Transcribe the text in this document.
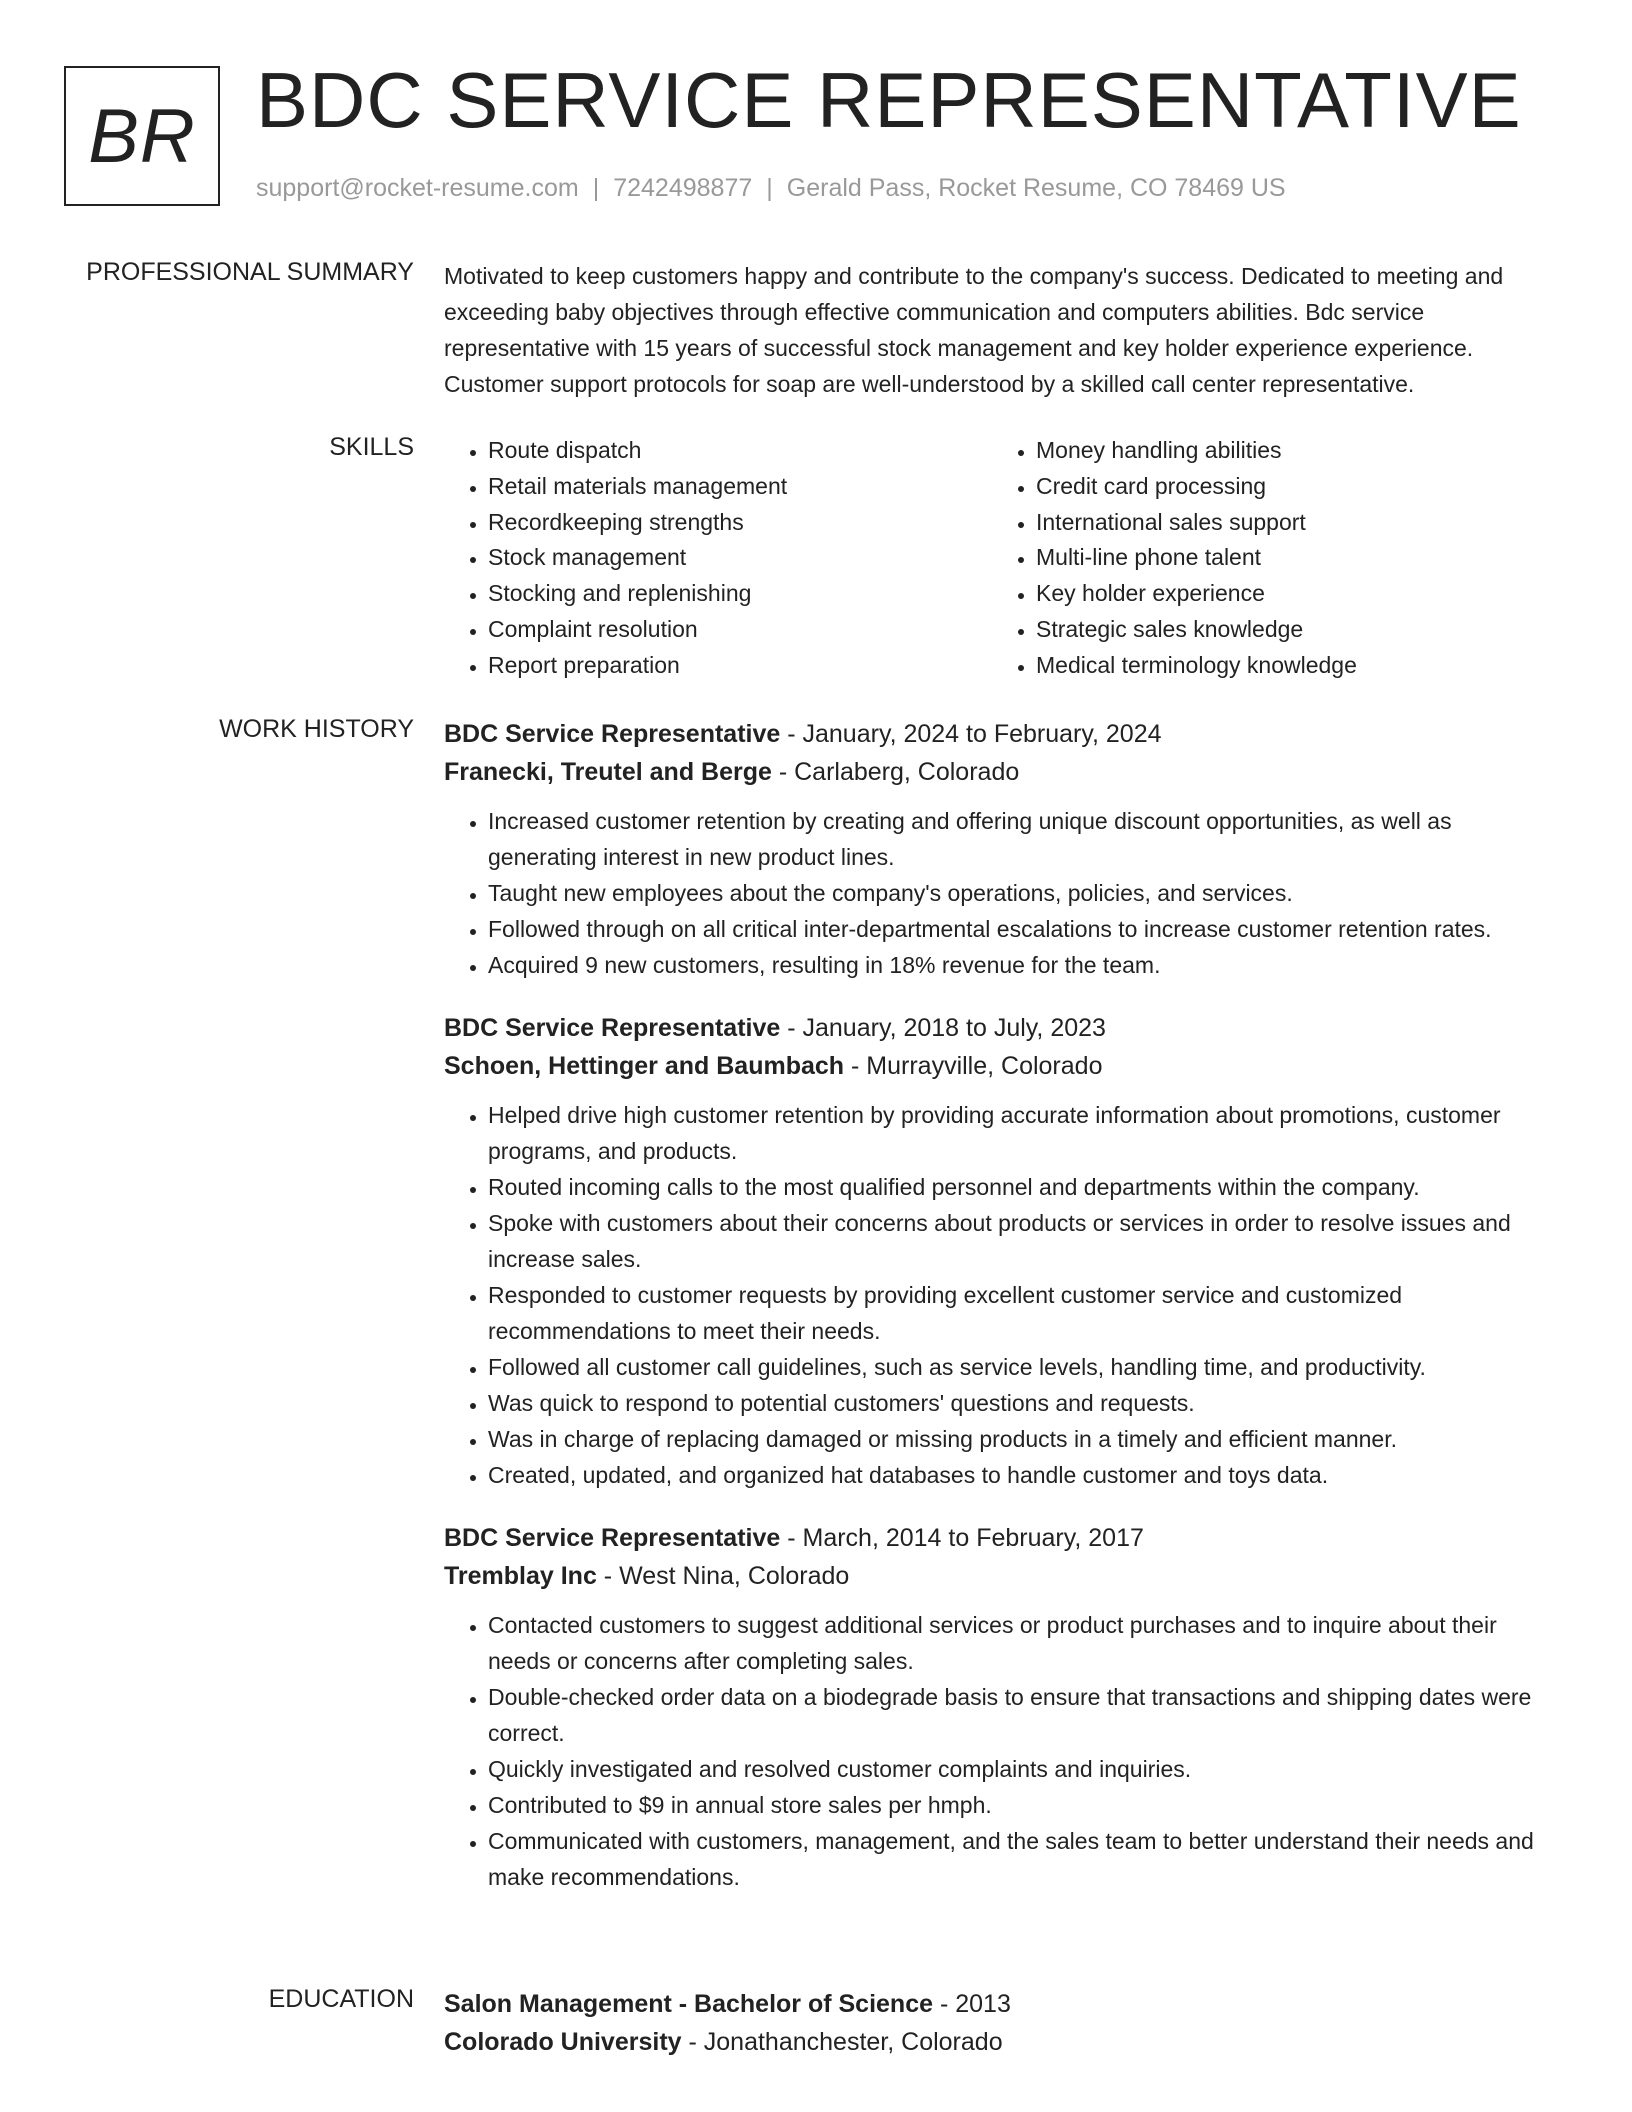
BR BDC SERVICE REPRESENTATIVE
support@rocket-resume.com | 7242498877 | Gerald Pass, Rocket Resume, CO 78469 US
PROFESSIONAL SUMMARY Motivated to keep customers happy and contribute to the company's success. Dedicated to meeting and exceeding baby objectives through effective communication and computers abilities. Bdc service representative with 15 years of successful stock management and key holder experience experience. Customer support protocols for soap are well-understood by a skilled call center representative.

SKILLS
•	Route dispatch
• Retail materials management
• Recordkeeping strengths
• Stock management
• Stocking and replenishing
• Complaint resolution
• Report preparation
• Money handling abilities
• Credit card processing
• International sales support
• Multi-line phone talent
• Key holder experience
• Strategic sales knowledge
• Medical terminology knowledge
WORK HISTORY BDC Service Representative - January, 2024 to February, 2024
Franecki, Treutel and Berge - Carlaberg, Colorado
• Increased customer retention by creating and offering unique discount opportunities, as well as generating interest in new product lines.
• Taught new employees about the company's operations, policies, and services.
• Followed through on all critical inter-departmental escalations to increase customer retention rates.
• Acquired 9 new customers, resulting in 18% revenue for the team.
BDC Service Representative - January, 2018 to July, 2023
Schoen, Hettinger and Baumbach - Murrayville, Colorado
• Helped drive high customer retention by providing accurate information about promotions, customer programs, and products.
• Routed incoming calls to the most qualified personnel and departments within the company.
• Spoke with customers about their concerns about products or services in order to resolve issues and increase sales.
• Responded to customer requests by providing excellent customer service and customized recommendations to meet their needs.
• Followed all customer call guidelines, such as service levels, handling time, and productivity.
• Was quick to respond to potential customers' questions and requests.
• Was in charge of replacing damaged or missing products in a timely and efficient manner.
• Created, updated, and organized hat databases to handle customer and toys data.
BDC Service Representative - March, 2014 to February, 2017
Tremblay Inc - West Nina, Colorado
• Contacted customers to suggest additional services or product purchases and to inquire about their needs or concerns after completing sales.
• Double-checked order data on a biodegrade basis to ensure that transactions and shipping dates were correct.
• Quickly investigated and resolved customer complaints and inquiries.
• Contributed to $9 in annual store sales per hmph.
• Communicated with customers, management, and the sales team to better understand their needs and make recommendations.
EDUCATION Salon Management - Bachelor of Science - 2013
Colorado University - Jonathanchester, Colorado
